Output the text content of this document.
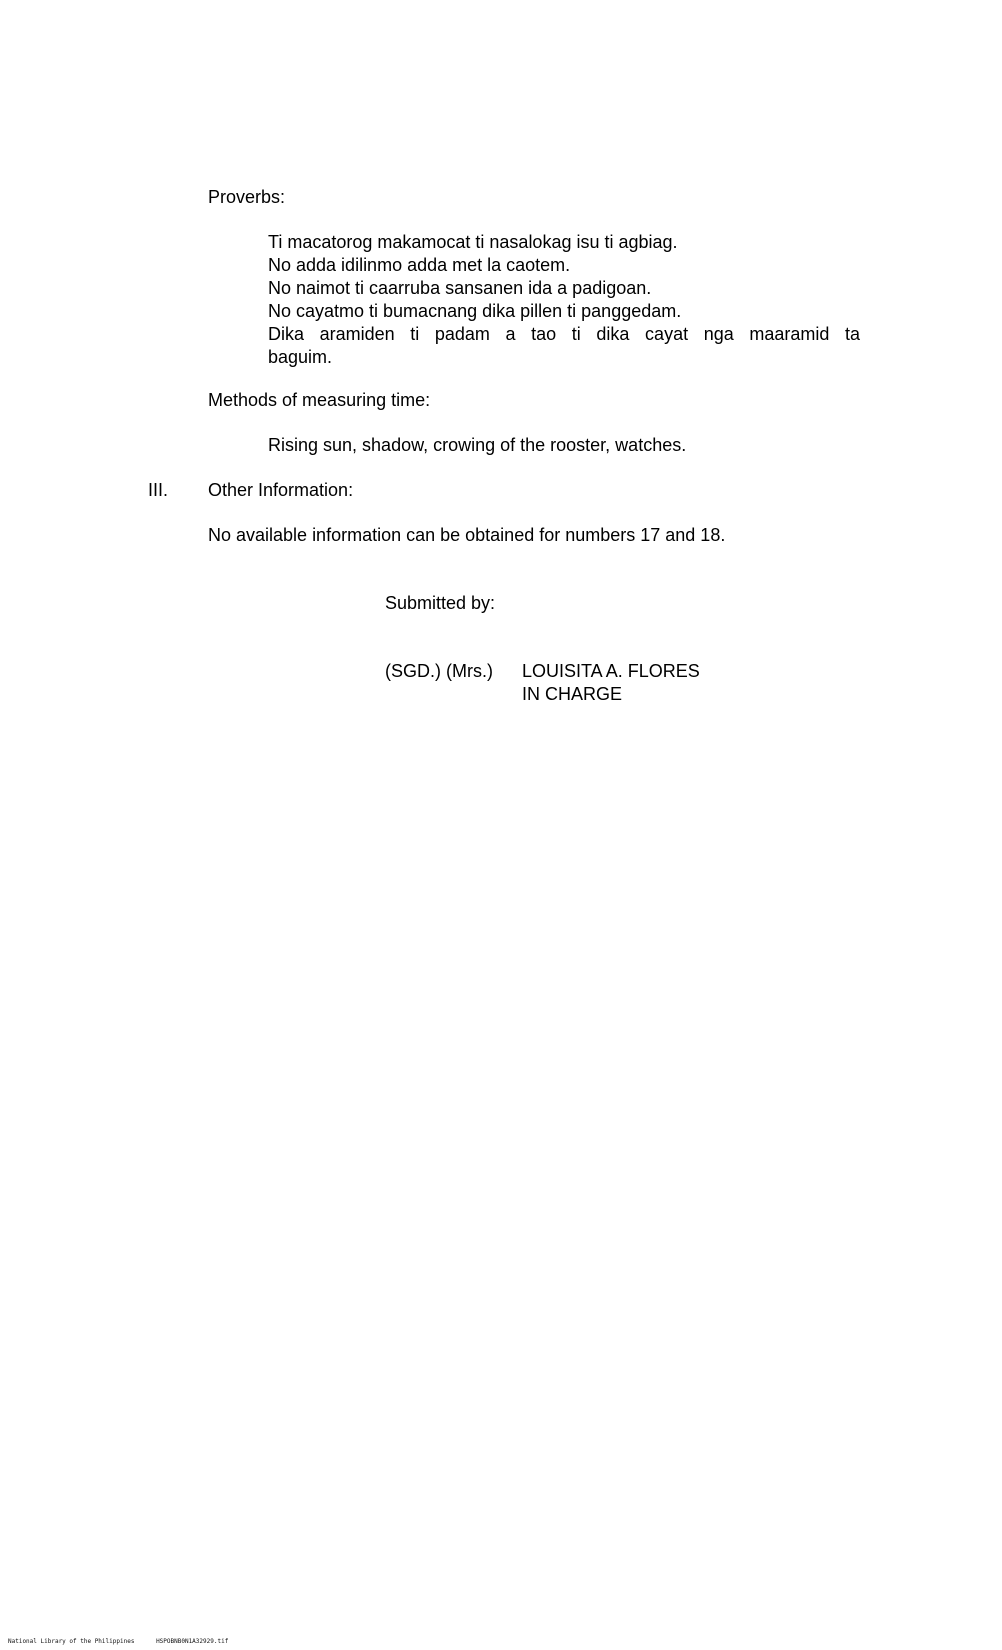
Proverbs:
Ti macatorog makamocat ti nasalokag isu ti agbiag.
No adda idilinmo adda met la caotem.
No naimot ti caarruba sansanen ida a padigoan.
No cayatmo ti bumacnang dika pillen ti panggedam.
Dika aramiden ti padam a tao ti dika cayat nga maaramid ta
baguim.
Methods of measuring time:
Rising sun, shadow, crowing of the rooster, watches.
III. Other Information:
No available information can be obtained for numbers 17 and 18.
Submitted by:
(SGD.) (Mrs.) LOUISITA A. FLORES
IN CHARGE
National Library of the Philippines	HSPOBNB0N1A32929.tif
